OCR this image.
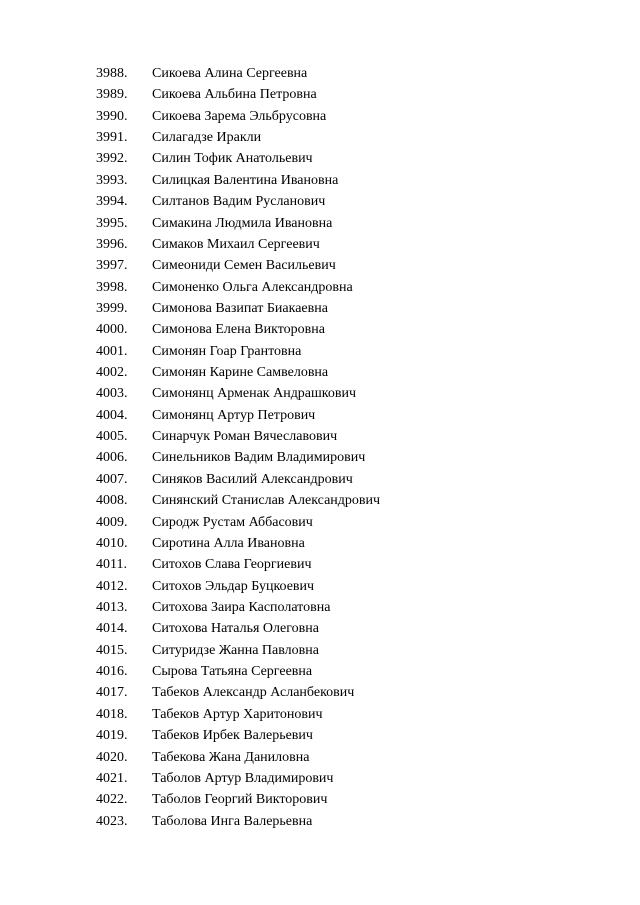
3988.	Сикоева Алина Сергеевна
3989.	Сикоева Альбина Петровна
3990.	Сикоева Зарема Эльбрусовна
3991.	Силагадзе Иракли
3992.	Силин Тофик Анатольевич
3993.	Силицкая Валентина Ивановна
3994.	Силтанов Вадим Русланович
3995.	Симакина Людмила Ивановна
3996.	Симаков Михаил Сергеевич
3997.	Симеониди Семен Васильевич
3998.	Симоненко Ольга Александровна
3999.	Симонова Вазипат Биакаевна
4000.	Симонова Елена Викторовна
4001.	Симонян Гоар Грантовна
4002.	Симонян Карине Самвеловна
4003.	Симонянц Арменак Андрашкович
4004.	Симонянц Артур Петрович
4005.	Синарчук Роман Вячеславович
4006.	Синельников Вадим Владимирович
4007.	Синяков Василий Александрович
4008.	Синянский Станислав Александрович
4009.	Сиродж Рустам Аббасович
4010.	Сиротина Алла Ивановна
4011.	Ситохов Слава Георгиевич
4012.	Ситохов Эльдар Буцкоевич
4013.	Ситохова Заира Касполатовна
4014.	Ситохова Наталья Олеговна
4015.	Ситуридзе Жанна Павловна
4016.	Сырова Татьяна Сергеевна
4017.	Табеков Александр Асланбекович
4018.	Табеков Артур Харитонович
4019.	Табеков Ирбек Валерьевич
4020.	Табекова Жана Даниловна
4021.	Таболов Артур Владимирович
4022.	Таболов Георгий Викторович
4023.	Таболова Инга Валерьевна
